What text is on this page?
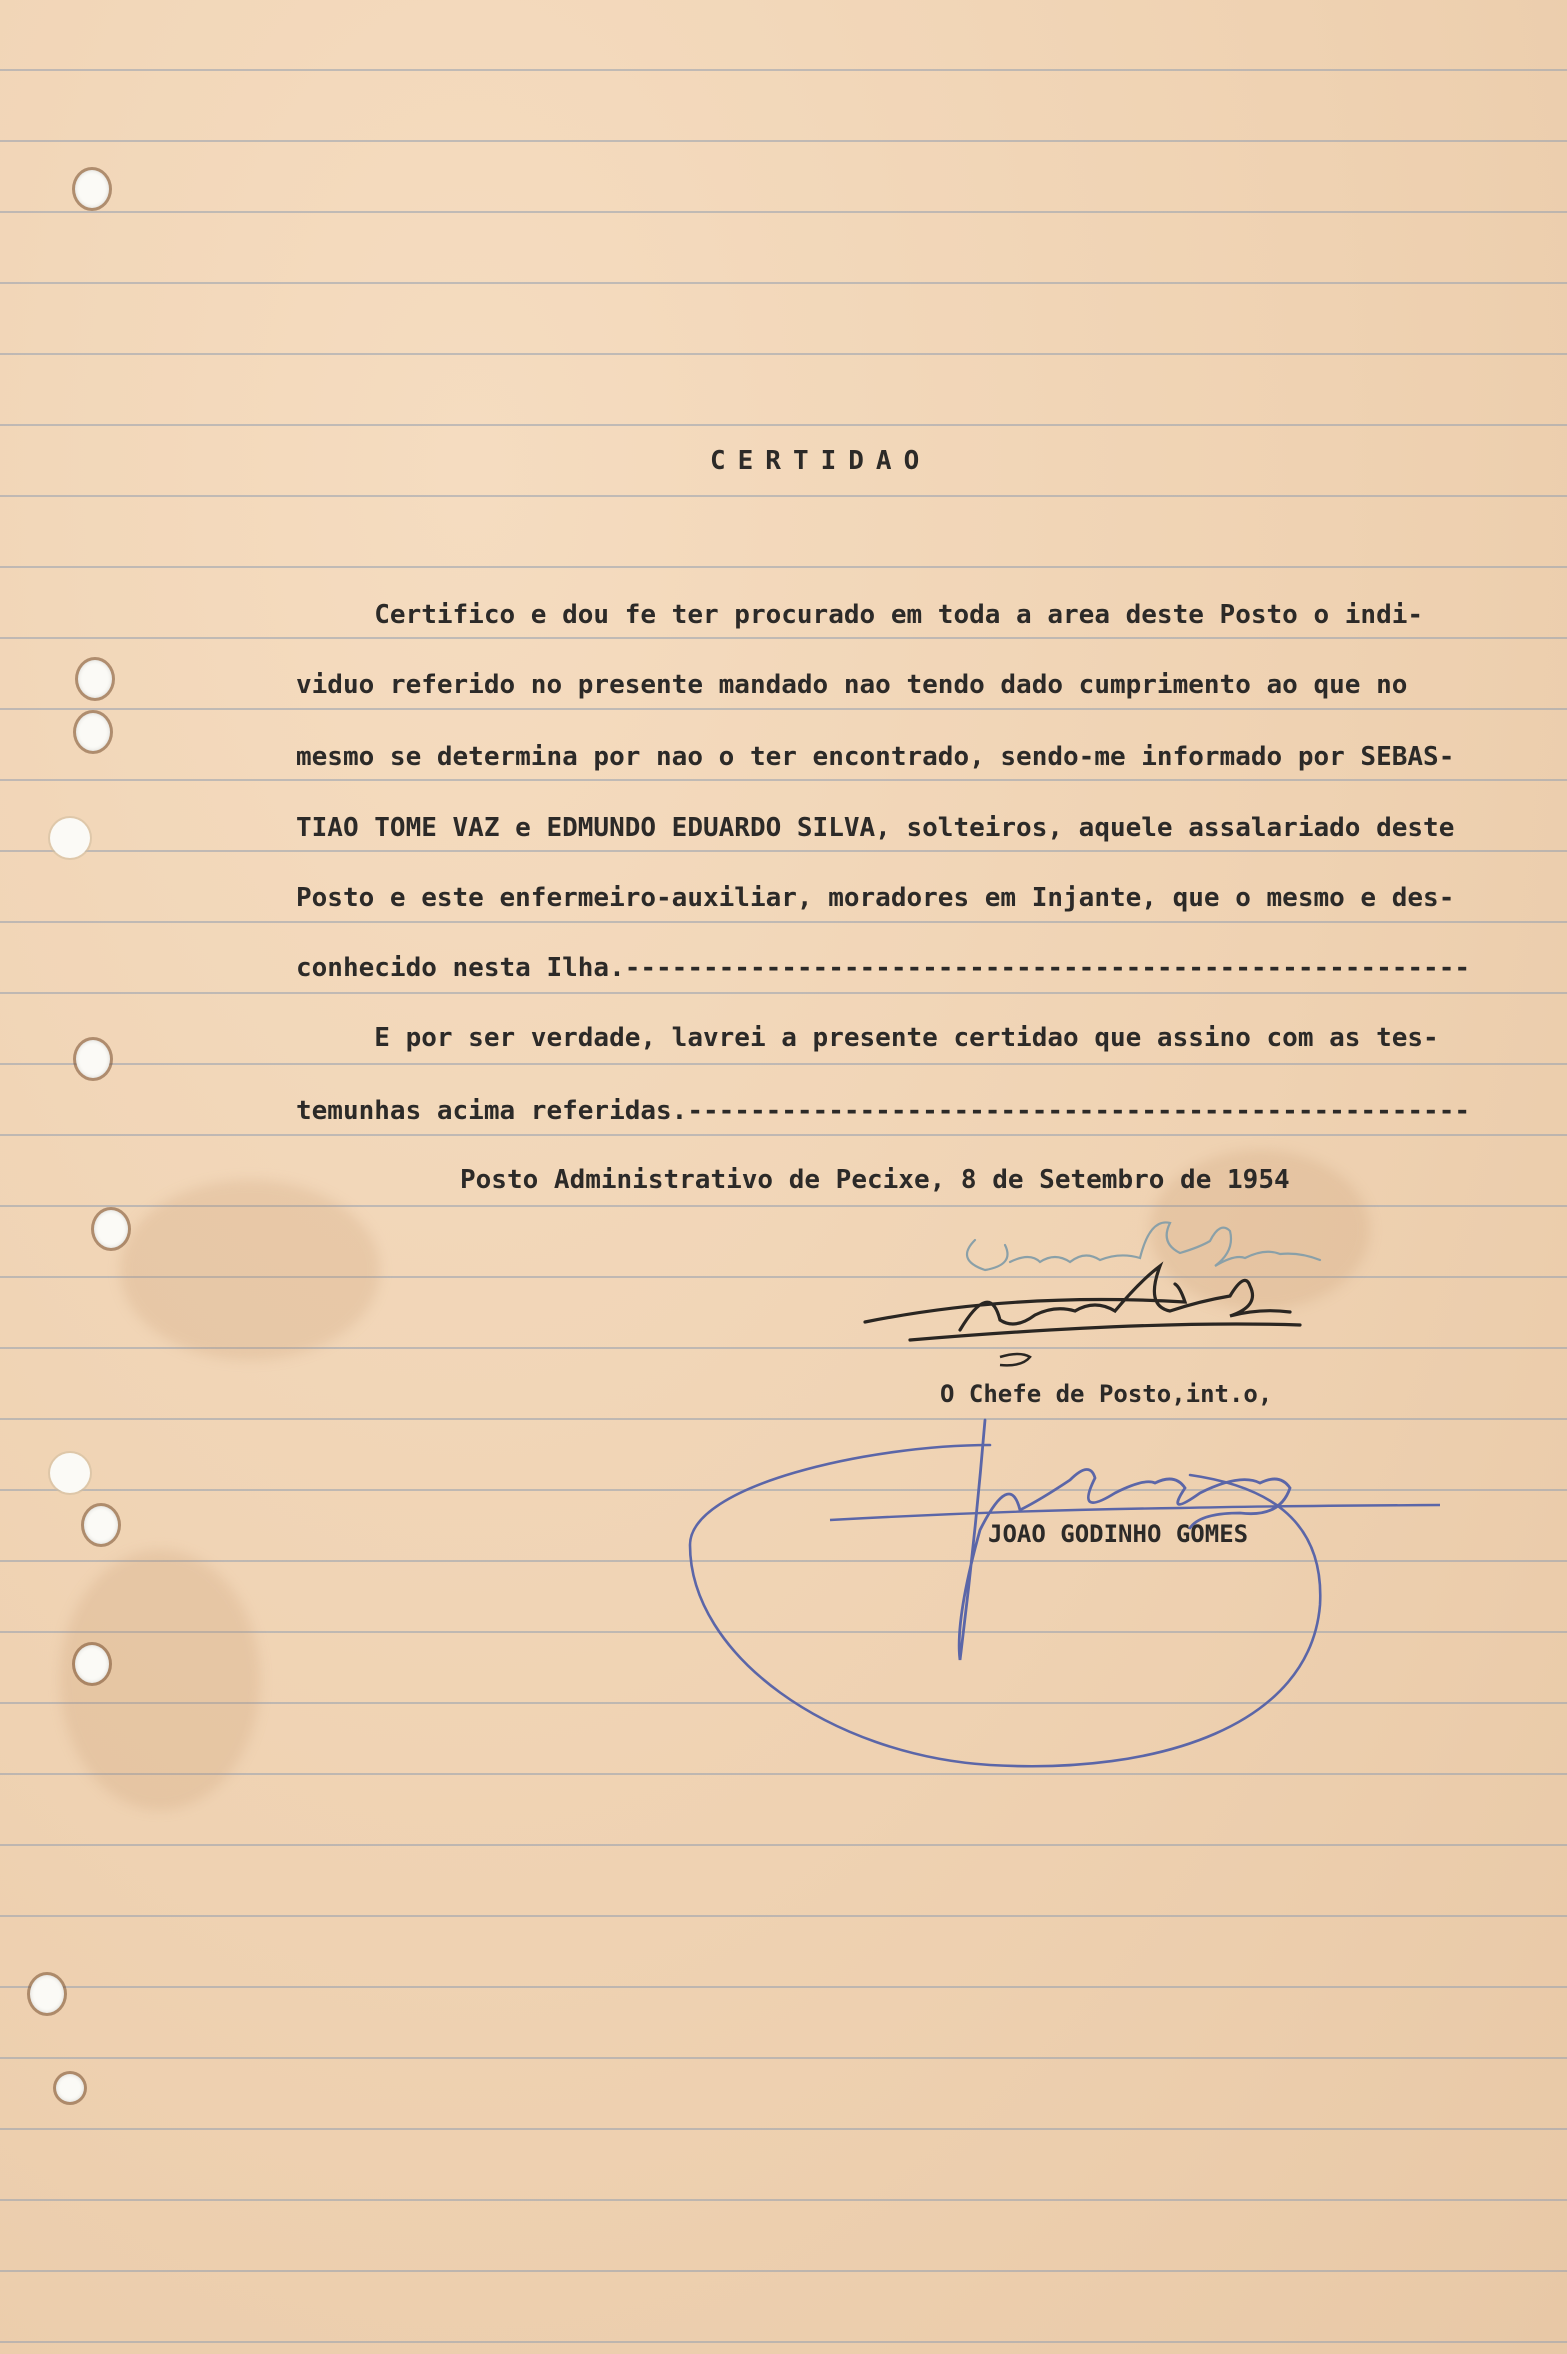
CERTIDAO
Certifico e dou fe ter procurado em toda a area deste Posto o indi-
viduo referido no presente mandado nao tendo dado cumprimento ao que no
mesmo se determina por nao o ter encontrado, sendo-me informado por SEBAS-
TIAO TOME VAZ e EDMUNDO EDUARDO SILVA, solteiros, aquele assalariado deste
Posto e este enfermeiro-auxiliar, moradores em Injante, que o mesmo e des-
conhecido nesta Ilha.------------------------------------------------------
E por ser verdade, lavrei a presente certidao que assino com as tes-
temunhas acima referidas.--------------------------------------------------
Posto Administrativo de Pecixe, 8 de Setembro de 1954
O Chefe de Posto,int.o,
JOAO GODINHO GOMES
